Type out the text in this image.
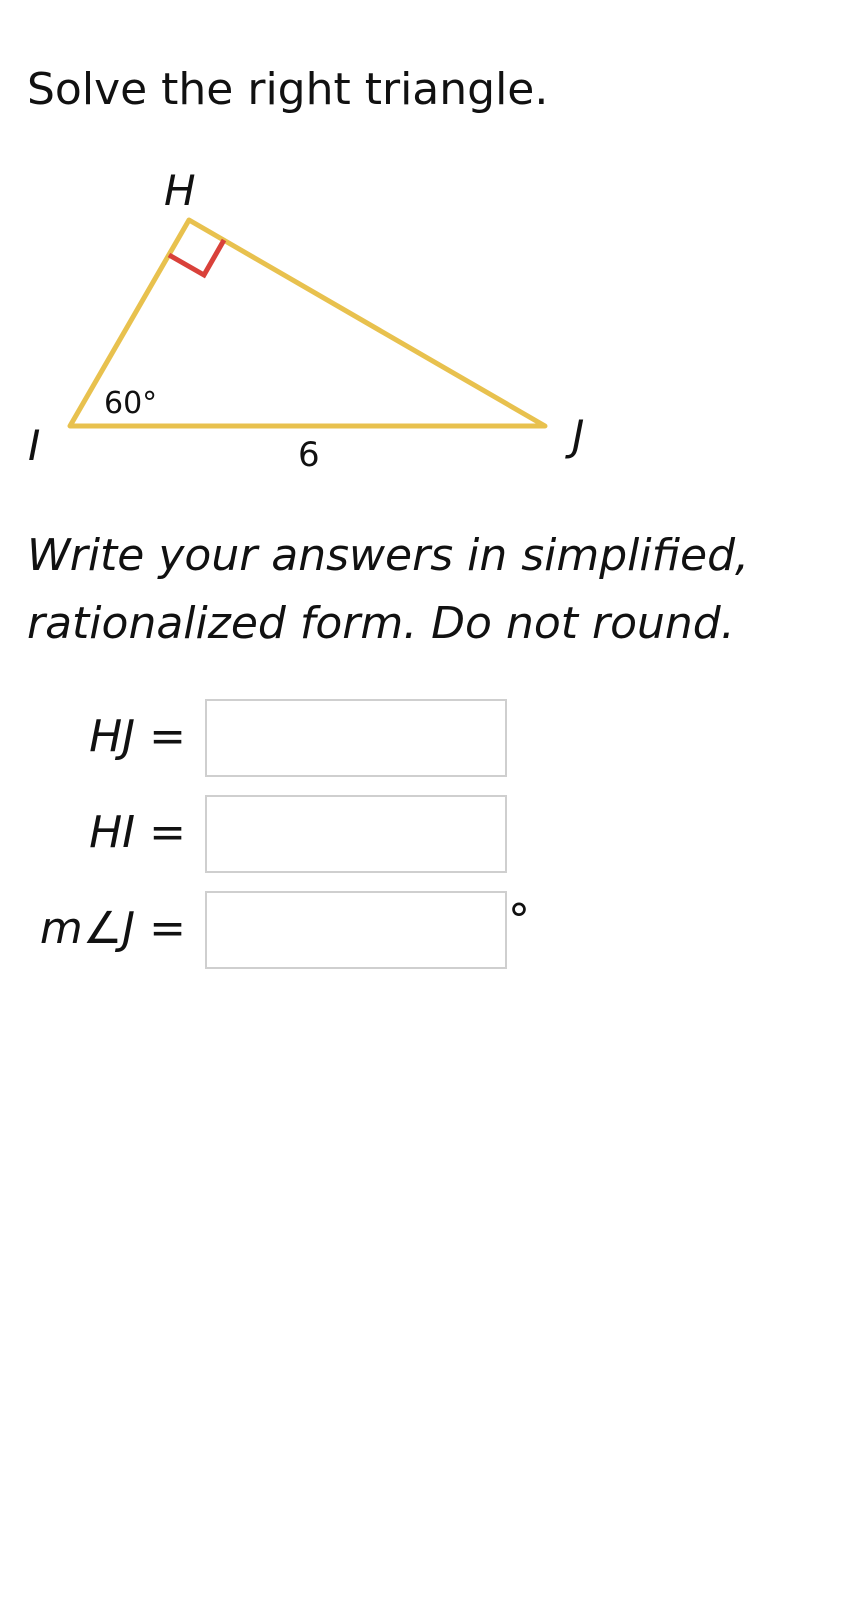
Solve the right triangle.
H
I	J
60°
6

Write your answers in simplified, rationalized form. Do not round.

HJ =
HI =
m∠J =	°
